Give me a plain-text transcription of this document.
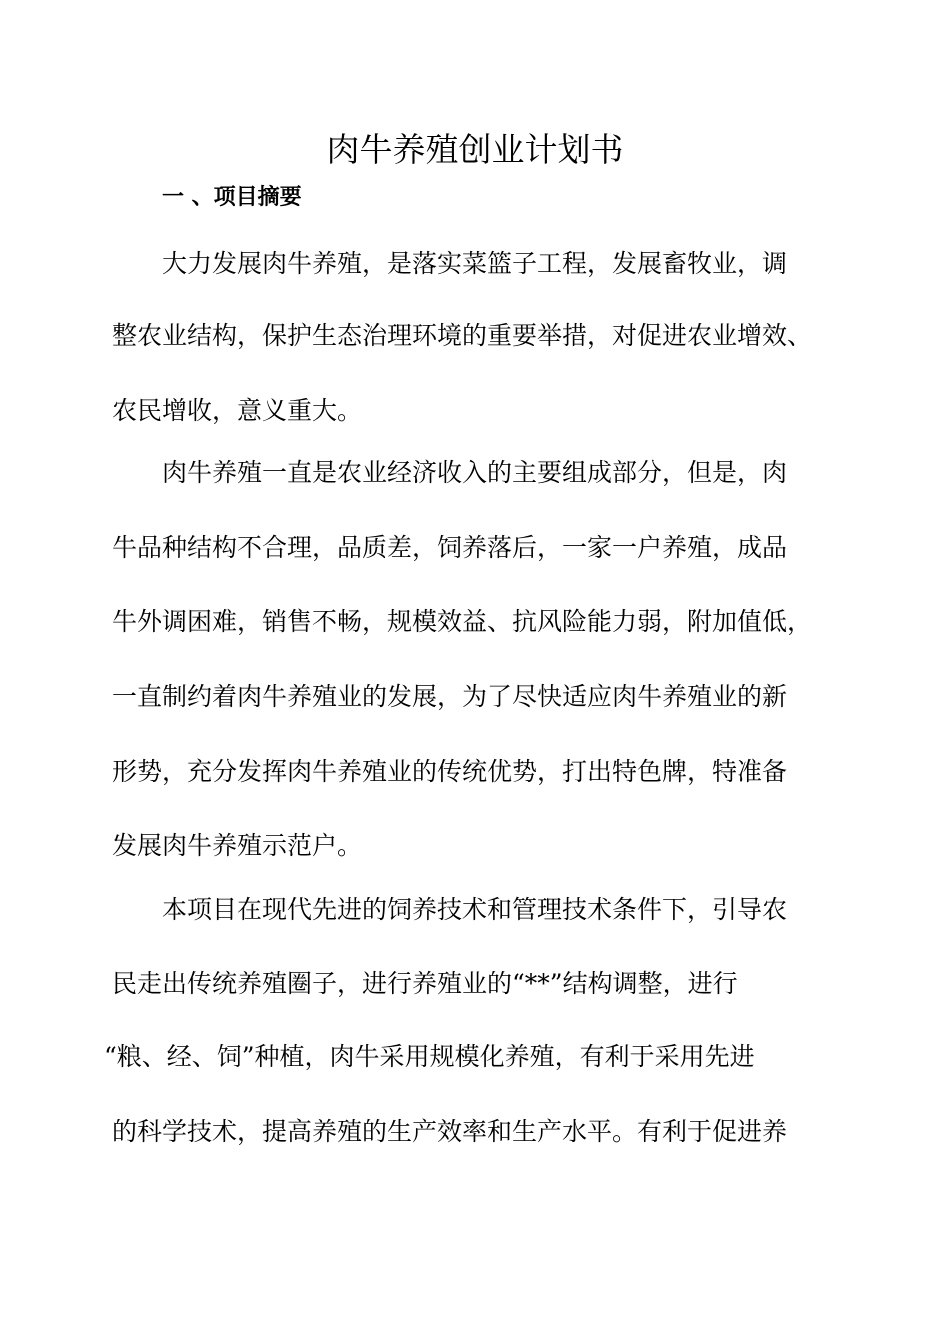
肉牛养殖创业计划书
一 、项目摘要

大力发展肉牛养殖，是落实菜篮子工程，发展畜牧业，调

整农业结构，保护生态治理环境的重要举措，对促进农业增效、

农民增收，意义重大。

肉牛养殖一直是农业经济收入的主要组成部分，但是，肉

牛品种结构不合理，品质差，饲养落后，一家一户养殖，成品

牛外调困难，销售不畅，规模效益、抗风险能力弱，附加值低，

一直制约着肉牛养殖业的发展，为了尽快适应肉牛养殖业的新

形势，充分发挥肉牛养殖业的传统优势，打出特色牌，特准备

发展肉牛养殖示范户。

本项目在现代先进的饲养技术和管理技术条件下，引导农

民走出传统养殖圈子，进行养殖业的“**”结构调整，进行

“粮、经、饲”种植，肉牛采用规模化养殖，有利于采用先进

的科学技术，提高养殖的生产效率和生产水平。有利于促进养
